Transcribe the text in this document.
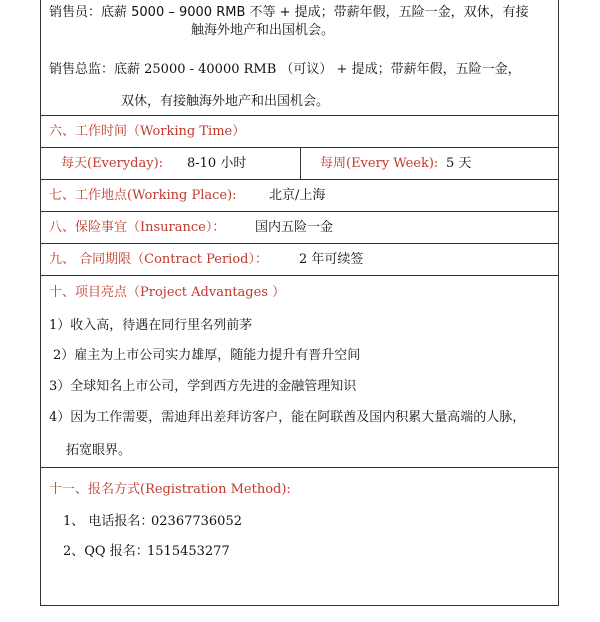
销售员：底薪 5000 – 9000 RMB 不等 + 提成；带薪年假，五险一金，双休，有接
触海外地产和出国机会。
销售总监：底薪 25000 - 40000 RMB （可议） + 提成；带薪年假，五险一金，
双休，有接触海外地产和出国机会。
六、工作时间（Working Time）
每天(Everyday): 8-10 小时	每周(Every Week): 5 天
七、工作地点(Working Place): 北京/上海
八、保险事宜（Insurance）： 国内五险一金
九、 合同期限（Contract Period）： 2 年可续签
十、项目亮点（Project Advantages ）
1）收入高，待遇在同行里名列前茅
2）雇主为上市公司实力雄厚，随能力提升有晋升空间
3）全球知名上市公司，学到西方先进的金融管理知识
4）因为工作需要，需迪拜出差拜访客户，能在阿联酋及国内积累大量高端的人脉，
拓宽眼界。
十一、报名方式(Registration Method):
1、 电话报名：
02367736052
2、QQ 报名：
1515453277
